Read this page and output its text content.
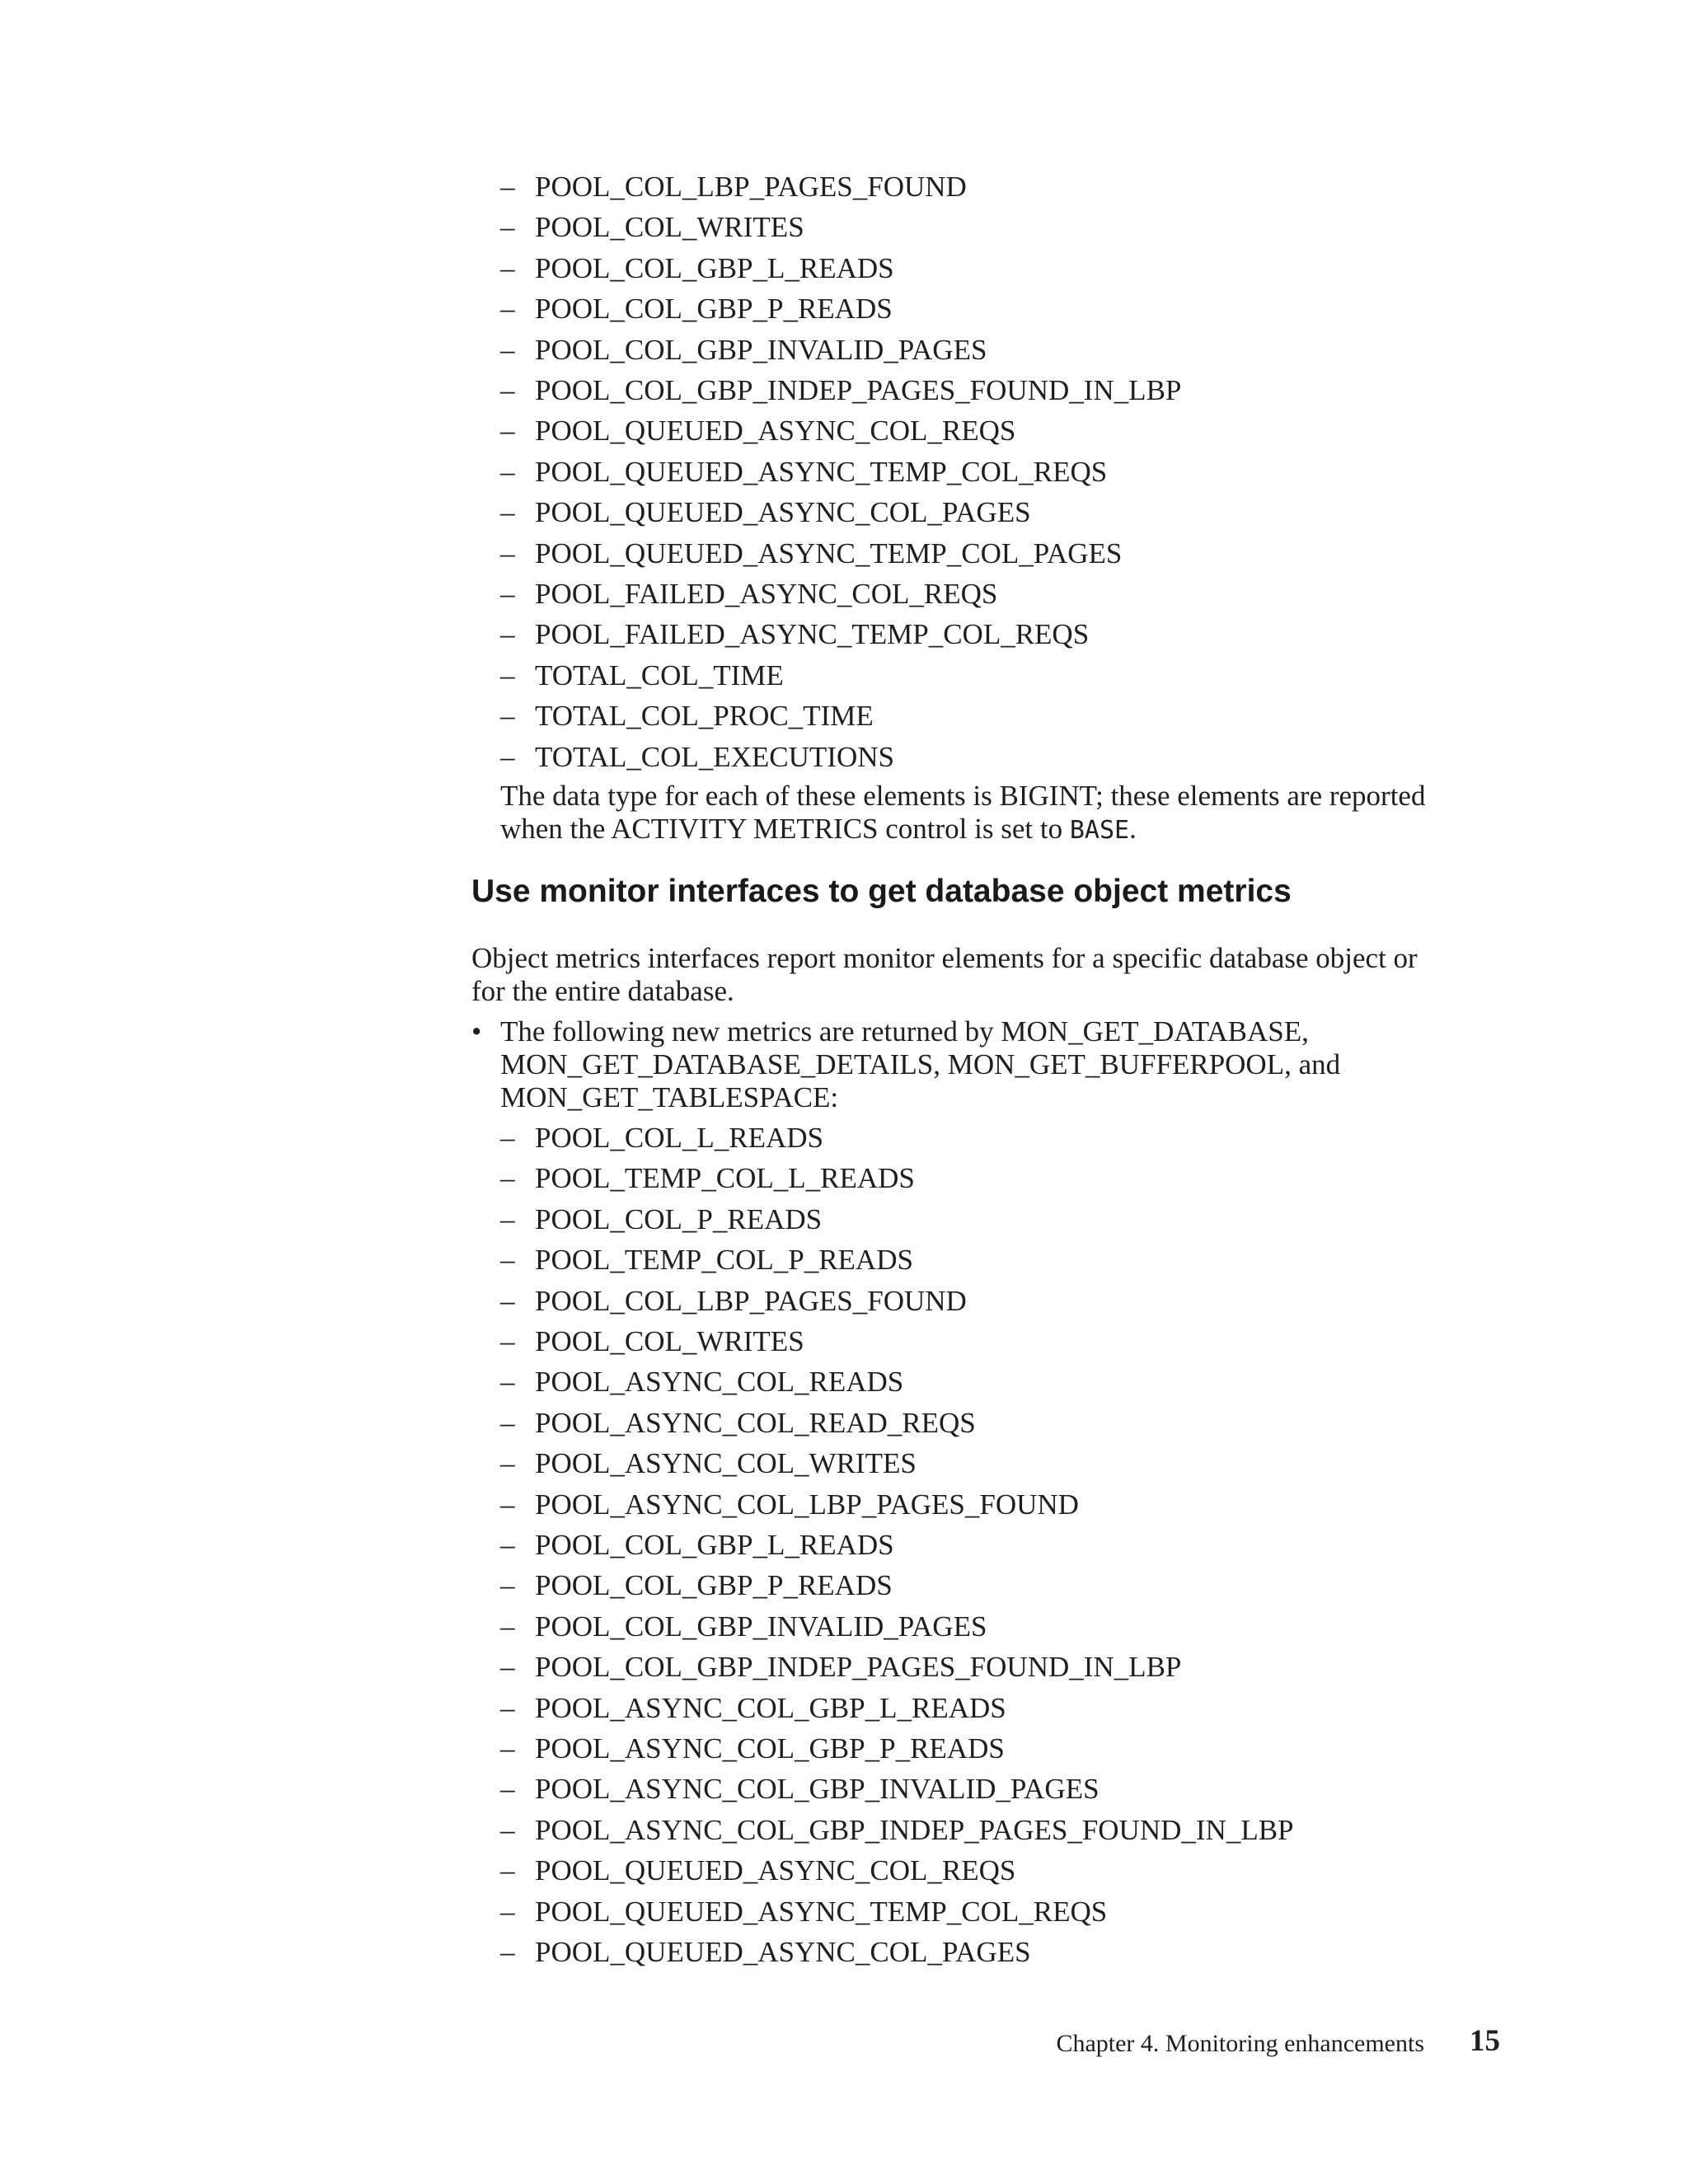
– POOL_COL_LBP_PAGES_FOUND
– POOL_COL_WRITES
– POOL_COL_GBP_L_READS
– POOL_COL_GBP_P_READS
– POOL_COL_GBP_INVALID_PAGES
– POOL_COL_GBP_INDEP_PAGES_FOUND_IN_LBP
– POOL_QUEUED_ASYNC_COL_REQS
– POOL_QUEUED_ASYNC_TEMP_COL_REQS
– POOL_QUEUED_ASYNC_COL_PAGES
– POOL_QUEUED_ASYNC_TEMP_COL_PAGES
– POOL_FAILED_ASYNC_COL_REQS
– POOL_FAILED_ASYNC_TEMP_COL_REQS
– TOTAL_COL_TIME
– TOTAL_COL_PROC_TIME
– TOTAL_COL_EXECUTIONS

The data type for each of these elements is BIGINT; these elements are reported
when the ACTIVITY METRICS control is set to BASE.

Use monitor interfaces to get database object metrics

Object metrics interfaces report monitor elements for a specific database object or
for the entire database.

• The following new metrics are returned by MON_GET_DATABASE,
MON_GET_DATABASE_DETAILS, MON_GET_BUFFERPOOL, and
MON_GET_TABLESPACE:
– POOL_COL_L_READS
– POOL_TEMP_COL_L_READS
– POOL_COL_P_READS
– POOL_TEMP_COL_P_READS
– POOL_COL_LBP_PAGES_FOUND
– POOL_COL_WRITES
– POOL_ASYNC_COL_READS
– POOL_ASYNC_COL_READ_REQS
– POOL_ASYNC_COL_WRITES
– POOL_ASYNC_COL_LBP_PAGES_FOUND
– POOL_COL_GBP_L_READS
– POOL_COL_GBP_P_READS
– POOL_COL_GBP_INVALID_PAGES
– POOL_COL_GBP_INDEP_PAGES_FOUND_IN_LBP
– POOL_ASYNC_COL_GBP_L_READS
– POOL_ASYNC_COL_GBP_P_READS
– POOL_ASYNC_COL_GBP_INVALID_PAGES
– POOL_ASYNC_COL_GBP_INDEP_PAGES_FOUND_IN_LBP
– POOL_QUEUED_ASYNC_COL_REQS
– POOL_QUEUED_ASYNC_TEMP_COL_REQS
– POOL_QUEUED_ASYNC_COL_PAGES
Chapter 4. Monitoring enhancements 15
